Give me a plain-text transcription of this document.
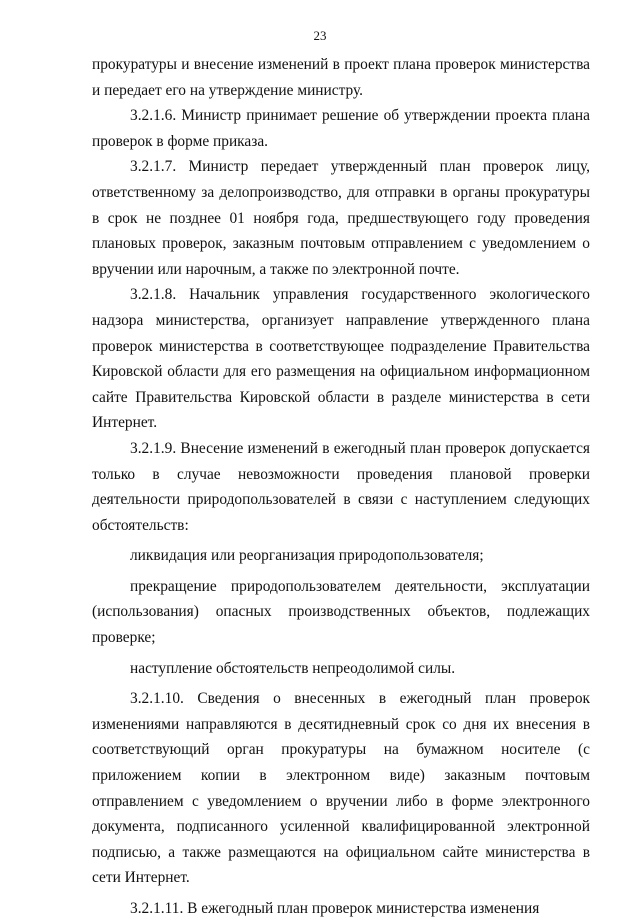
23

прокуратуры и внесение изменений в проект плана проверок министерства и передает его на утверждение министру.

3.2.1.6. Министр принимает решение об утверждении проекта плана проверок в форме приказа.

3.2.1.7. Министр передает утвержденный план проверок лицу, ответственному за делопроизводство, для отправки в органы прокуратуры в срок не позднее 01 ноября года, предшествующего году проведения плановых проверок, заказным почтовым отправлением с уведомлением о вручении или нарочным, а также по электронной почте.

3.2.1.8. Начальник управления государственного экологического надзора министерства, организует направление утвержденного плана проверок министерства в соответствующее подразделение Правительства Кировской области для его размещения на официальном информационном сайте Правительства Кировской области в разделе министерства в сети Интернет.

3.2.1.9. Внесение изменений в ежегодный план проверок допускается только в случае невозможности проведения плановой проверки деятельности природопользователей в связи с наступлением следующих обстоятельств:

ликвидация или реорганизация природопользователя;

прекращение природопользователем деятельности, эксплуатации (использования) опасных производственных объектов, подлежащих проверке;

наступление обстоятельств непреодолимой силы.

3.2.1.10. Сведения о внесенных в ежегодный план проверок изменениями направляются в десятидневный срок со дня их внесения в соответствующий орган прокуратуры на бумажном носителе (с приложением копии в электронном виде) заказным почтовым отправлением с уведомлением о вручении либо в форме электронного документа, подписанного усиленной квалифицированной электронной подписью, а также размещаются на официальном сайте министерства в сети Интернет.

3.2.1.11. В ежегодный план проверок министерства изменения
